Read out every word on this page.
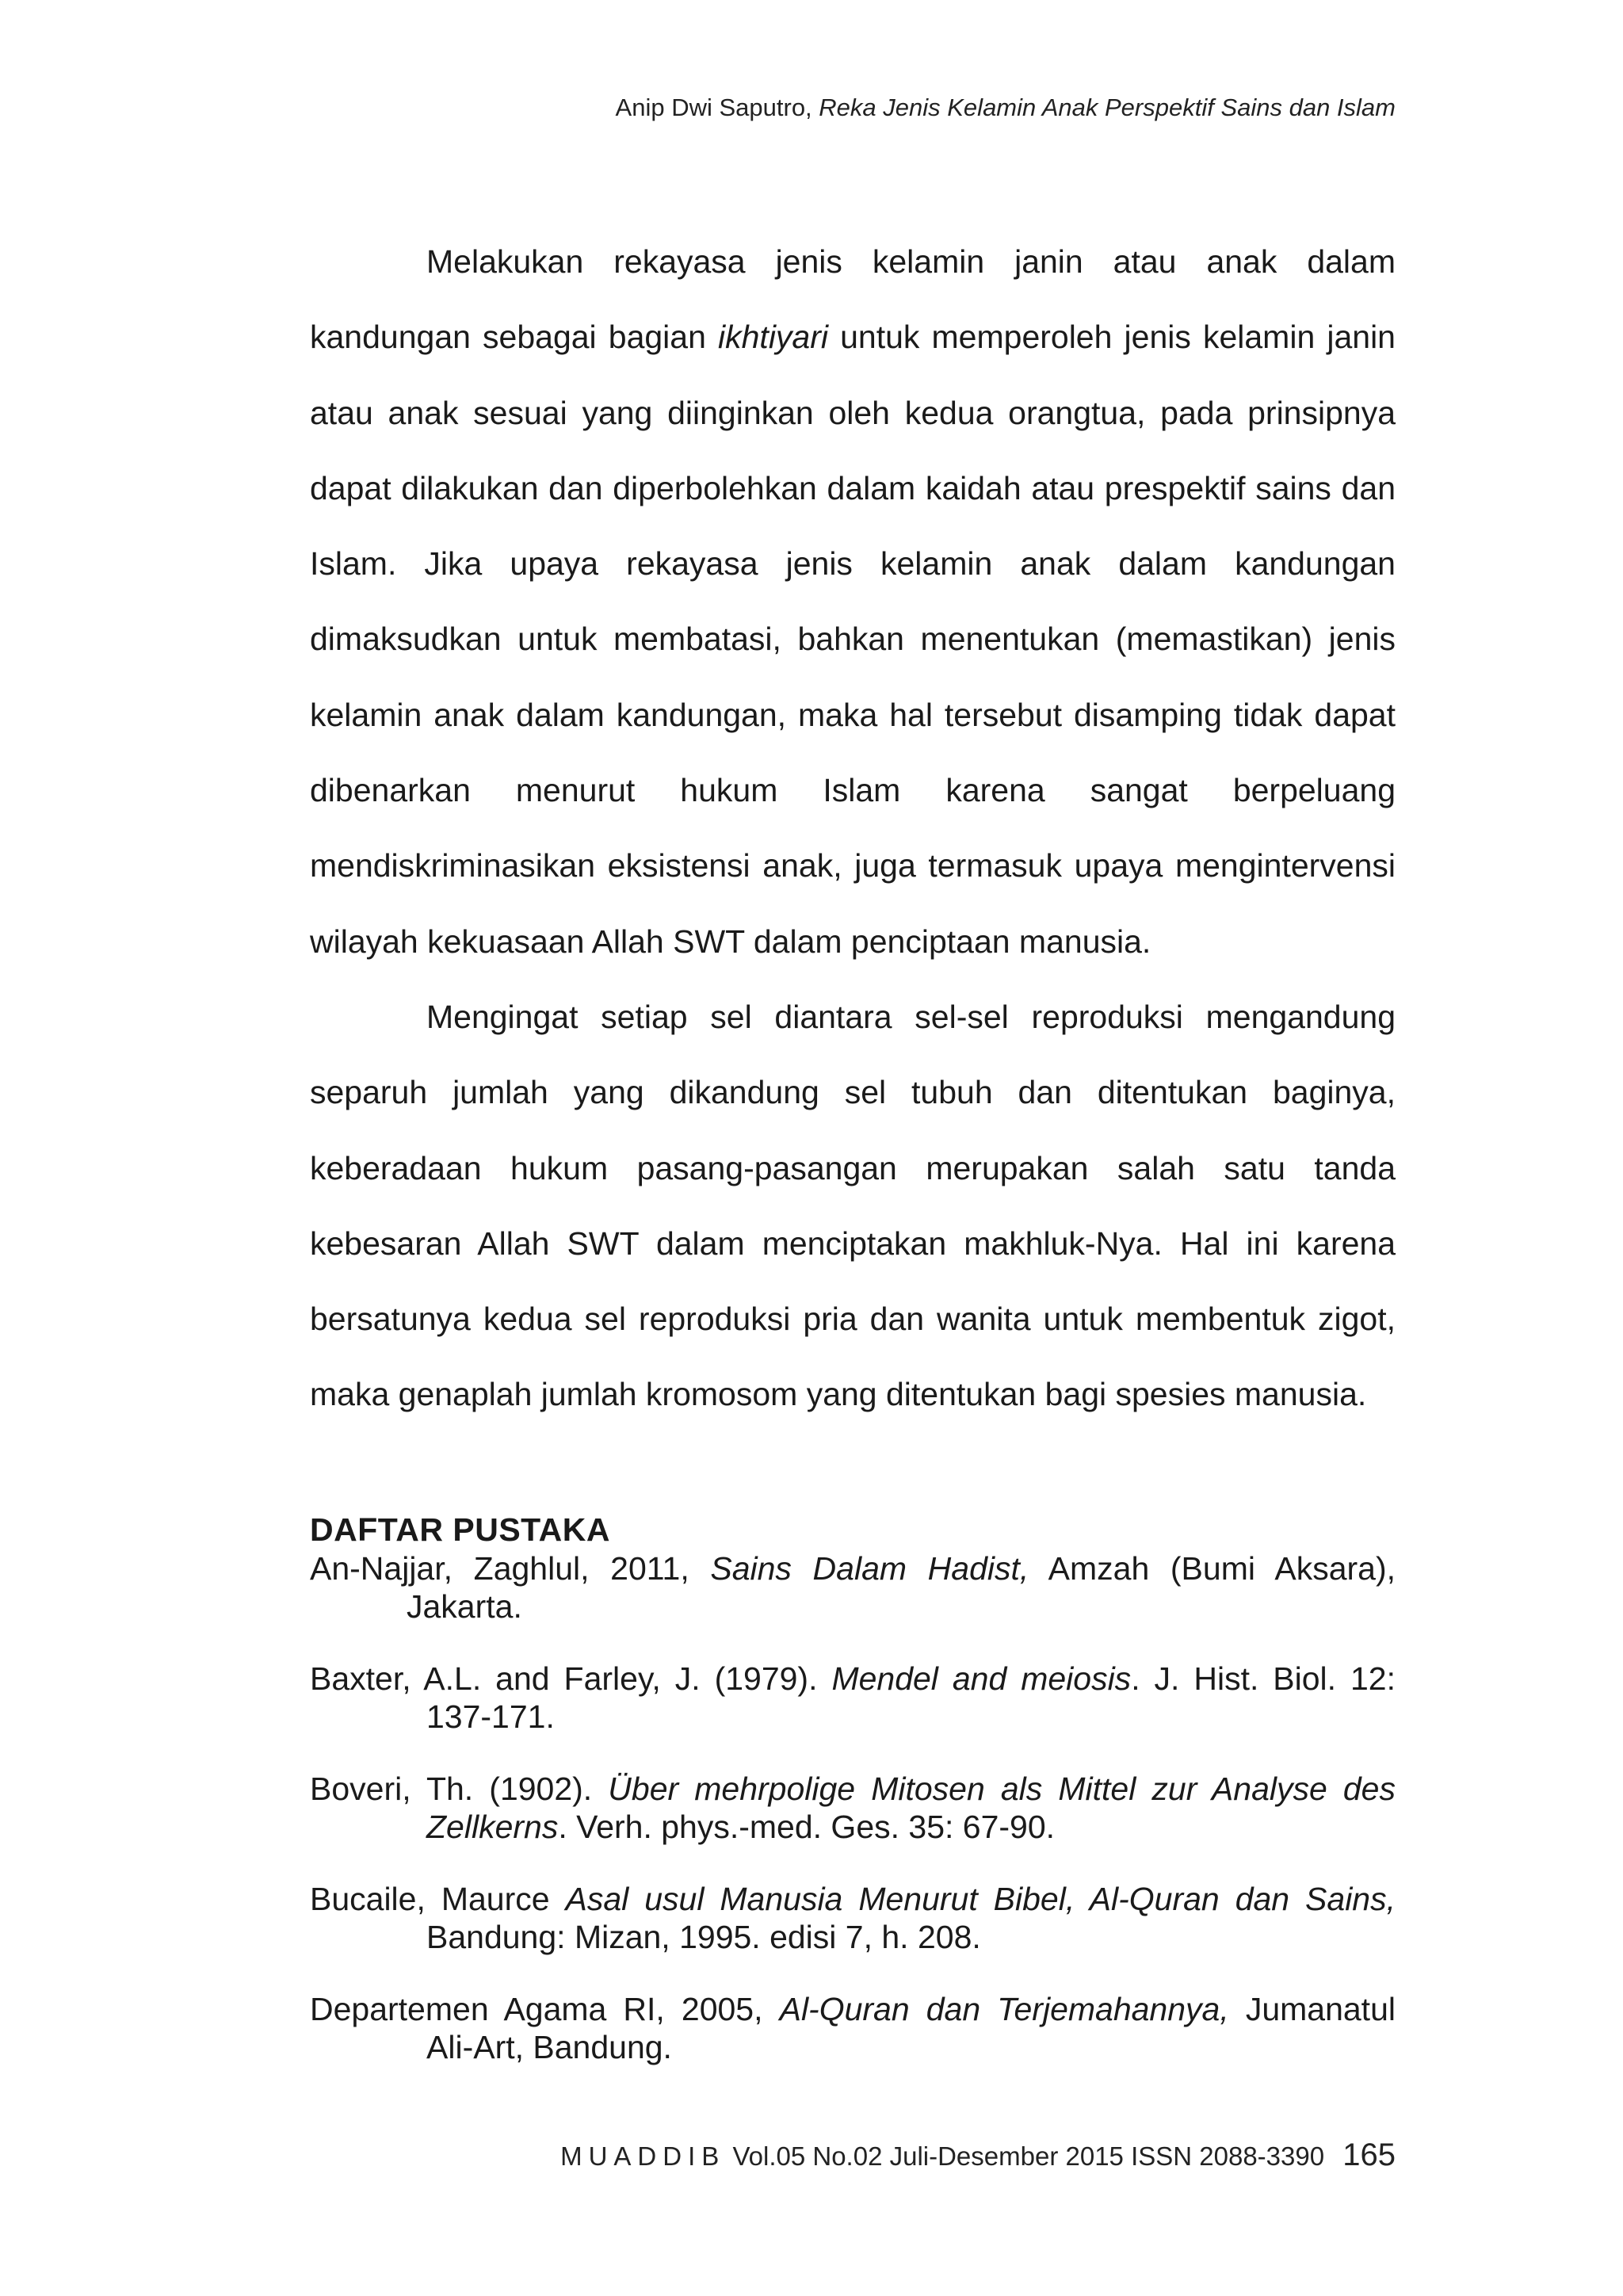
Anip Dwi Saputro, Reka Jenis Kelamin Anak Perspektif Sains dan Islam

Melakukan rekayasa jenis kelamin janin atau anak dalam kandungan sebagai bagian ikhtiyari untuk memperoleh jenis kelamin janin atau anak sesuai yang diinginkan oleh kedua orangtua, pada prinsipnya dapat dilakukan dan diperbolehkan dalam kaidah atau prespektif sains dan Islam. Jika upaya rekayasa jenis kelamin anak dalam kandungan dimaksudkan untuk membatasi, bahkan menentukan (memastikan) jenis kelamin anak dalam kandungan, maka hal tersebut disamping tidak dapat dibenarkan menurut hukum Islam karena sangat berpeluang mendiskriminasikan eksistensi anak, juga termasuk upaya mengintervensi wilayah kekuasaan Allah SWT dalam penciptaan manusia.

Mengingat setiap sel diantara sel-sel reproduksi mengandung separuh jumlah yang dikandung sel tubuh dan ditentukan baginya, keberadaan hukum pasang-pasangan merupakan salah satu tanda kebesaran Allah SWT dalam menciptakan makhluk-Nya. Hal ini karena bersatunya kedua sel reproduksi pria dan wanita untuk membentuk zigot, maka genaplah jumlah kromosom yang ditentukan bagi spesies manusia.

DAFTAR PUSTAKA

An-Najjar, Zaghlul, 2011, Sains Dalam Hadist, Amzah (Bumi Aksara), Jakarta.

Baxter, A.L. and Farley, J. (1979). Mendel and meiosis. J. Hist. Biol. 12: 137-171.

Boveri, Th. (1902). Über mehrpolige Mitosen als Mittel zur Analyse des Zellkerns. Verh. phys.-med. Ges. 35: 67-90.

Bucaile, Maurce Asal usul Manusia Menurut Bibel, Al-Quran dan Sains, Bandung: Mizan, 1995. edisi 7, h. 208.

Departemen Agama RI, 2005, Al-Quran dan Terjemahannya, Jumanatul Ali-Art, Bandung.

MUADDIB Vol.05 No.02 Juli-Desember 2015 ISSN 2088-3390 165
